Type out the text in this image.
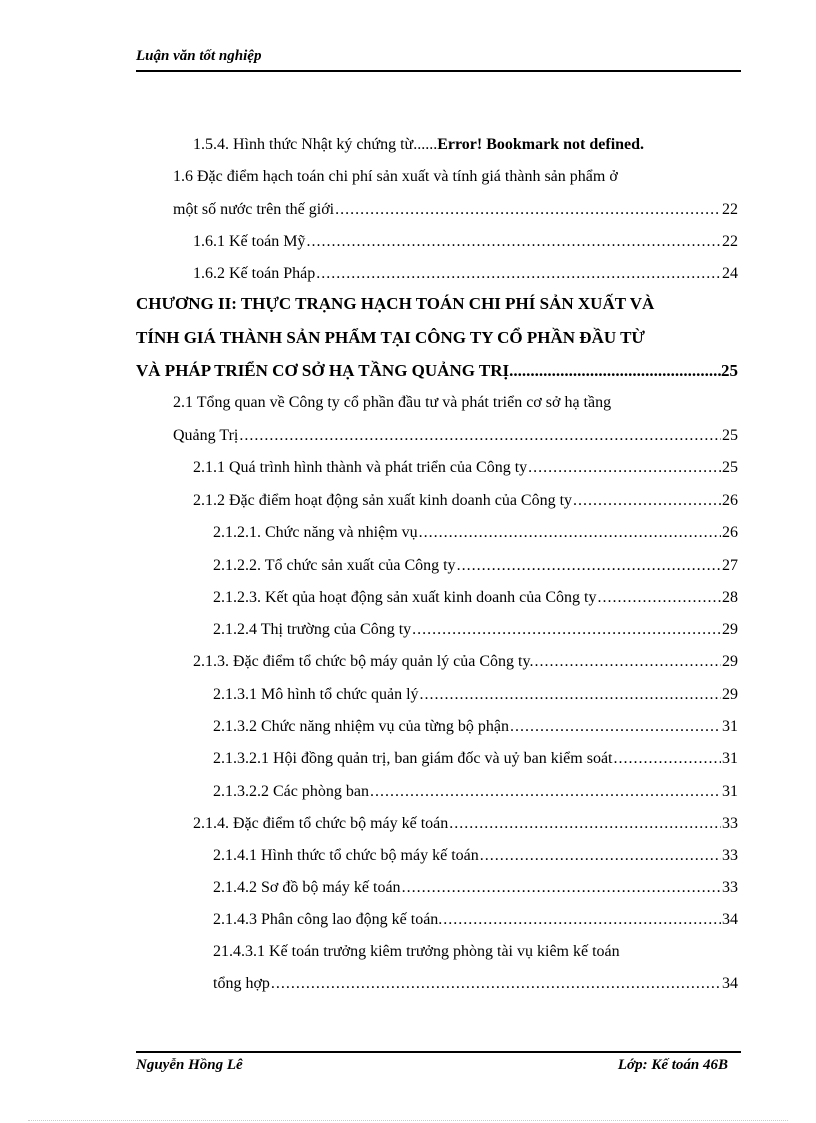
Luận văn tốt nghiệp
1.5.4. Hình thức Nhật ký chứng từ......Error! Bookmark not defined.
1.6 Đặc điểm hạch toán chi phí sản xuất và tính giá thành sản phẩm ở
một số nước trên thế giới .....	22
1.6.1 Kế toán Mỹ .....	22
1.6.2 Kế toán Pháp .....	24
CHƯƠNG II: THỰC TRẠNG HẠCH TOÁN CHI PHÍ SẢN XUẤT VÀ
TÍNH GIÁ THÀNH SẢN PHẨM TẠI CÔNG TY CỔ PHẦN ĐẦU TỪ
VÀ PHÁP TRIỂN CƠ SỞ HẠ TẦNG QUẢNG TRỊ .....	25
2.1 Tổng quan về Công ty cổ phần đầu tư và phát triển cơ sở hạ tầng
Quảng Trị .....	25
2.1.1 Quá trình hình thành và phát triển của Công ty .....	25
2.1.2 Đặc điểm hoạt động sản xuất kinh doanh của Công ty .....	26
2.1.2.1. Chức năng và nhiệm vụ .....	26
2.1.2.2. Tổ chức sản xuất của Công ty .....	27
2.1.2.3. Kết qủa hoạt động sản xuất kinh doanh của Công ty .....	28
2.1.2.4 Thị trường của Công ty .....	29
2.1.3. Đặc điểm tổ chức bộ máy quản lý của Công ty. .....	29
2.1.3.1 Mô hình tổ chức quản lý .....	29
2.1.3.2 Chức năng nhiệm vụ của từng bộ phận .....	31
2.1.3.2.1 Hội đồng quản trị, ban giám đốc và uỷ ban kiểm soát .....	31
2.1.3.2.2 Các phòng ban .....	31
2.1.4. Đặc điểm tổ chức bộ máy kế toán .....	33
2.1.4.1 Hình thức tổ chức bộ máy kế toán .....	33
2.1.4.2 Sơ đồ bộ máy kế toán .....	33
2.1.4.3 Phân công lao động kế toán. .....	34
21.4.3.1 Kế toán trưởng kiêm trưởng phòng tài vụ kiêm kế toán
tổng hợp .....	34
Nguyễn Hồng Lê	Lớp: Kế toán 46B
